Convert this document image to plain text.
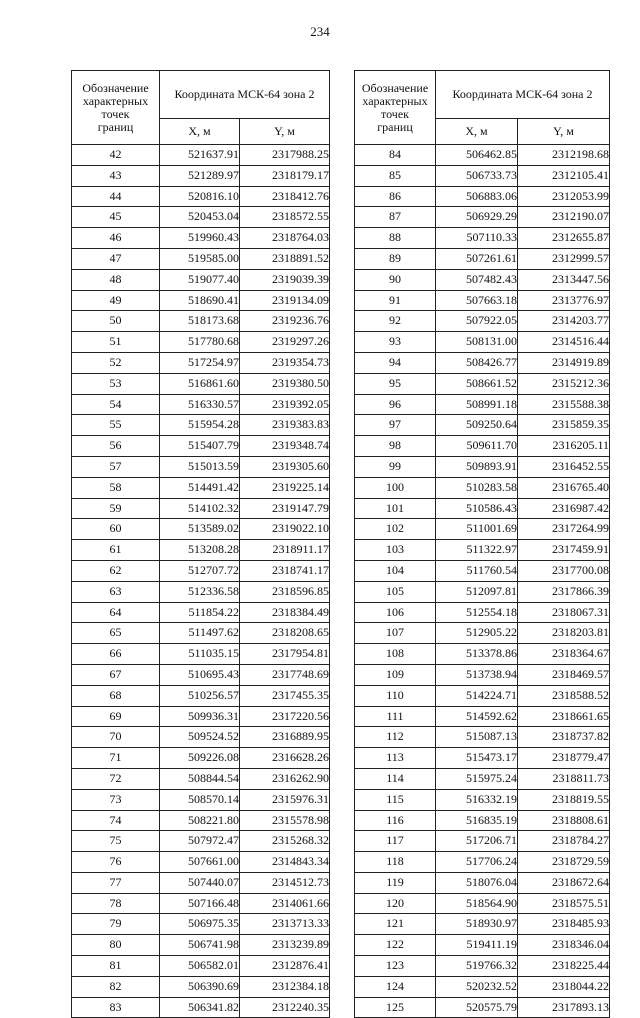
234
Обозначение
характерных
точек
границ	Координата МСК-64 зона 2	
	X, м	Y, м
42	521637.91	2317988.25
43	521289.97	2318179.17
44	520816.10	2318412.76
45	520453.04	2318572.55
46	519960.43	2318764.03
47	519585.00	2318891.52
48	519077.40	2319039.39
49	518690.41	2319134.09
50	518173.68	2319236.76
51	517780.68	2319297.26
52	517254.97	2319354.73
53	516861.60	2319380.50
54	516330.57	2319392.05
55	515954.28	2319383.83
56	515407.79	2319348.74
57	515013.59	2319305.60
58	514491.42	2319225.14
59	514102.32	2319147.79
60	513589.02	2319022.10
61	513208.28	2318911.17
62	512707.72	2318741.17
63	512336.58	2318596.85
64	511854.22	2318384.49
65	511497.62	2318208.65
66	511035.15	2317954.81
67	510695.43	2317748.69
68	510256.57	2317455.35
69	509936.31	2317220.56
70	509524.52	2316889.95
71	509226.08	2316628.26
72	508844.54	2316262.90
73	508570.14	2315976.31
74	508221.80	2315578.98
75	507972.47	2315268.32
76	507661.00	2314843.34
77	507440.07	2314512.73
78	507166.48	2314061.66
79	506975.35	2313713.33
80	506741.98	2313239.89
81	506582.01	2312876.41
82	506390.69	2312384.18
83	506341.82	2312240.35
Обозначение
характерных
точек
границ	Координата МСК-64 зона 2	
	X, м	Y, м
84	506462.85	2312198.68
85	506733.73	2312105.41
86	506883.06	2312053.99
87	506929.29	2312190.07
88	507110.33	2312655.87
89	507261.61	2312999.57
90	507482.43	2313447.56
91	507663.18	2313776.97
92	507922.05	2314203.77
93	508131.00	2314516.44
94	508426.77	2314919.89
95	508661.52	2315212.36
96	508991.18	2315588.38
97	509250.64	2315859.35
98	509611.70	2316205.11
99	509893.91	2316452.55
100	510283.58	2316765.40
101	510586.43	2316987.42
102	511001.69	2317264.99
103	511322.97	2317459.91
104	511760.54	2317700.08
105	512097.81	2317866.39
106	512554.18	2318067.31
107	512905.22	2318203.81
108	513378.86	2318364.67
109	513738.94	2318469.57
110	514224.71	2318588.52
111	514592.62	2318661.65
112	515087.13	2318737.82
113	515473.17	2318779.47
114	515975.24	2318811.73
115	516332.19	2318819.55
116	516835.19	2318808.61
117	517206.71	2318784.27
118	517706.24	2318729.59
119	518076.04	2318672.64
120	518564.90	2318575.51
121	518930.97	2318485.93
122	519411.19	2318346.04
123	519766.32	2318225.44
124	520232.52	2318044.22
125	520575.79	2317893.13
